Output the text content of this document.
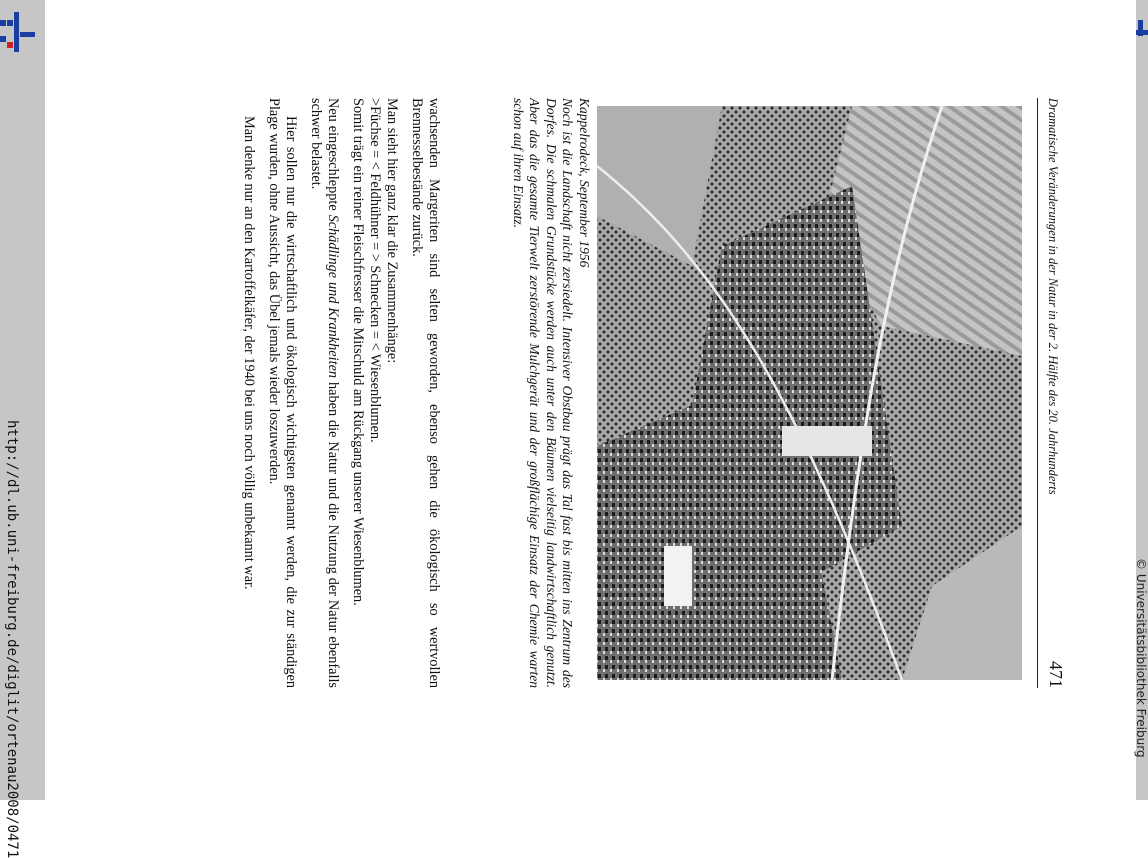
http://dl.ub.uni-freiburg.de/diglit/ortenau2008/0471	© Universitätsbibliothek Freiburg
Dramatische Veränderungen in der Natur in der 2. Hälfte des 20. Jahrhunderts
471
Kappelrodeck, September 1956
Noch ist die Landschaft nicht zersiedelt. Intensiver Obstbau prägt das Tal fast bis mitten ins Zentrum des Dorfes. Die schmalen Grundstücke werden auch unter den Bäumen vielseitig landwirtschaftlich genutzt. Aber das die gesamte Tierwelt zerstörende Mulchgerät und der großflächige Einsatz der Chemie warten schon auf ihren Einsatz.

wachsenden Margeriten sind selten geworden, ebenso gehen die ökologisch so wertvollen Brennesselbestände zurück.

Man sieht hier ganz klar die Zusammenhänge:
>Füchse = < Feldhühner = > Schnecken = < Wiesenblumen.
Somit trägt ein reiner Fleischfresser die Mitschuld am Rückgang unserer Wiesenblumen.

Neu eingeschleppte Schädlinge und Krankheiten haben die Natur und die Nutzung der Natur ebenfalls schwer belastet.

Hier sollen nur die wirtschaftlich und ökologisch wichtigsten genannt werden, die zur ständigen Plage wurden, ohne Aussicht, das Übel jemals wieder loszuwerden.

Man denke nur an den Kartoffelkäfer, der 1940 bei uns noch völlig unbekannt war.
